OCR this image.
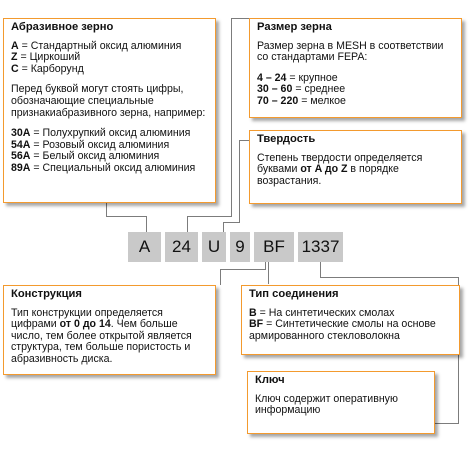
Абразивное зерно

A = Стандартный оксид алюминия

Z = Циркоший

C = Карборунд

Перед буквой могут стоять цифры, обозначающие специальные признакиабразивного зерна, например:

30A = Полухрупкий оксид алюминия

54A = Розовый оксид алюминия

56A = Белый оксид алюминия

89A = Специальный оксид алюминия

Размер зерна

Размер зерна в MESH в соответствии со стандартами FEPA:

4 – 24 = крупное

30 – 60 = среднее

70 – 220 = мелкое

Твердость

Степень твердости определяется буквами от A до Z в порядке возрастания.

A	24 U 9	BF 1337
Конструкция

Тип конструкции определяется цифрами от 0 до 14. Чем больше число, тем более открытой является структура, тем больше пористость и абразивность диска.

Тип соединения

B = На синтетических смолах

BF = Синтетические смолы на основе армированного стекловолокна

Ключ

Ключ содержит оперативную информацию
